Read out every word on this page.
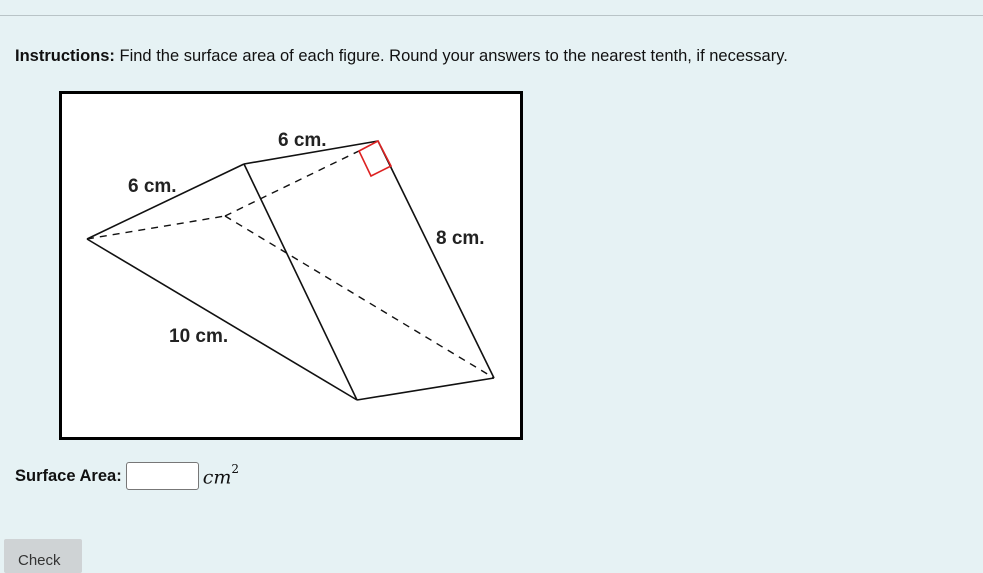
Instructions: Find the surface area of each figure. Round your answers to the nearest tenth, if necessary.
6 cm.
6 cm.
8 cm.
10 cm.
Surface Area:	$cm^2$
Check
